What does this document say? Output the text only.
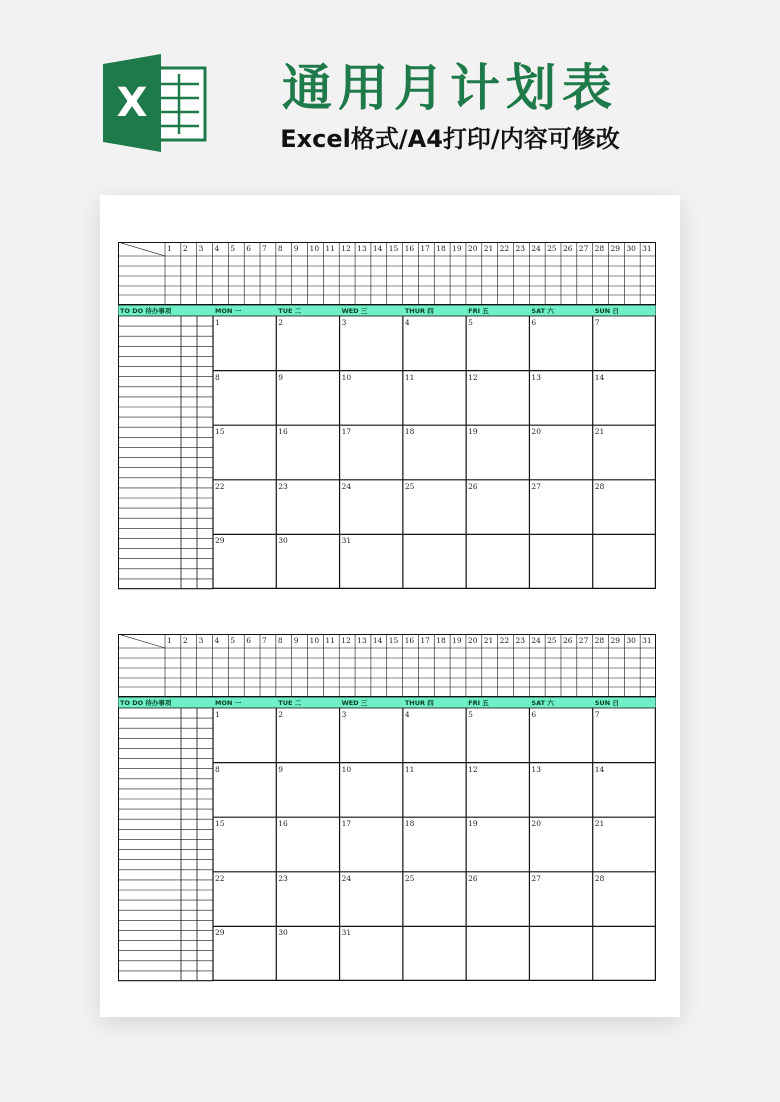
X	通用月计划表
Excel格式/A4打印/内容可修改
1 2 3 4 5 6 7 8 9 10 11 12 13 14 15 16 17 18 19 20 21 22 23 24 25 26 27 28 29 30 31
TO DO 待办事项	MON 一	TUE 二	WED 三	THUR 四	FRI 五	SAT 六	SUN 日
1	2	3	4	5	6	7
8	9	10	11	12	13	14
15	16	17	18	19	20	21
22	23	24	25	26	27	28
29	30	31
1 2 3 4 5 6 7 8 9 10 11 12 13 14 15 16 17 18 19 20 21 22 23 24 25 26 27 28 29 30 31
TO DO 待办事项	MON 一	TUE 二	WED 三	THUR 四	FRI 五	SAT 六	SUN 日
1	2	3	4	5	6	7
8	9	10	11	12	13	14
15	16	17	18	19	20	21
22	23	24	25	26	27	28
29	30	31
